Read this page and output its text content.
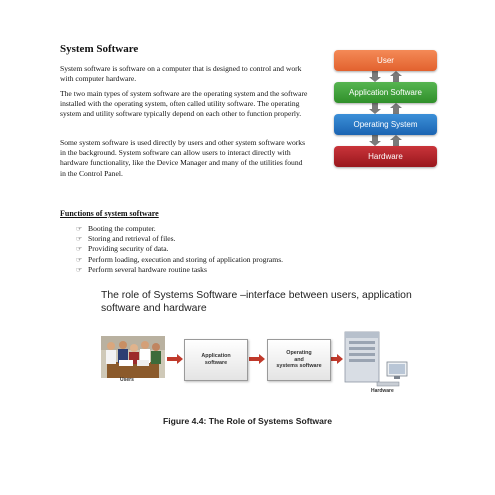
System Software
System software is software on a computer that is designed to control and work with computer hardware.
The two main types of system software are the operating system and the software installed with the operating system, often called utility software. The operating system and utility software typically depend on each other to function properly.
Some system software is used directly by users and other system software works in the background. System software can allow users to interact directly with hardware functionality, like the Device Manager and many of the utilities found in the Control Panel.
Functions of system software
☞ Booting the computer.
☞ Storing and retrieval of files.
☞ Providing security of data.
☞ Perform loading, execution and storing of application programs.
☞ Perform several hardware routine tasks
User
Application Software
Operating System
Hardware
The role of Systems Software –interface between users, application software and hardware
Users
Application
software
Operating
and
systems software
Hardware
Figure 4.4: The Role of Systems Software
